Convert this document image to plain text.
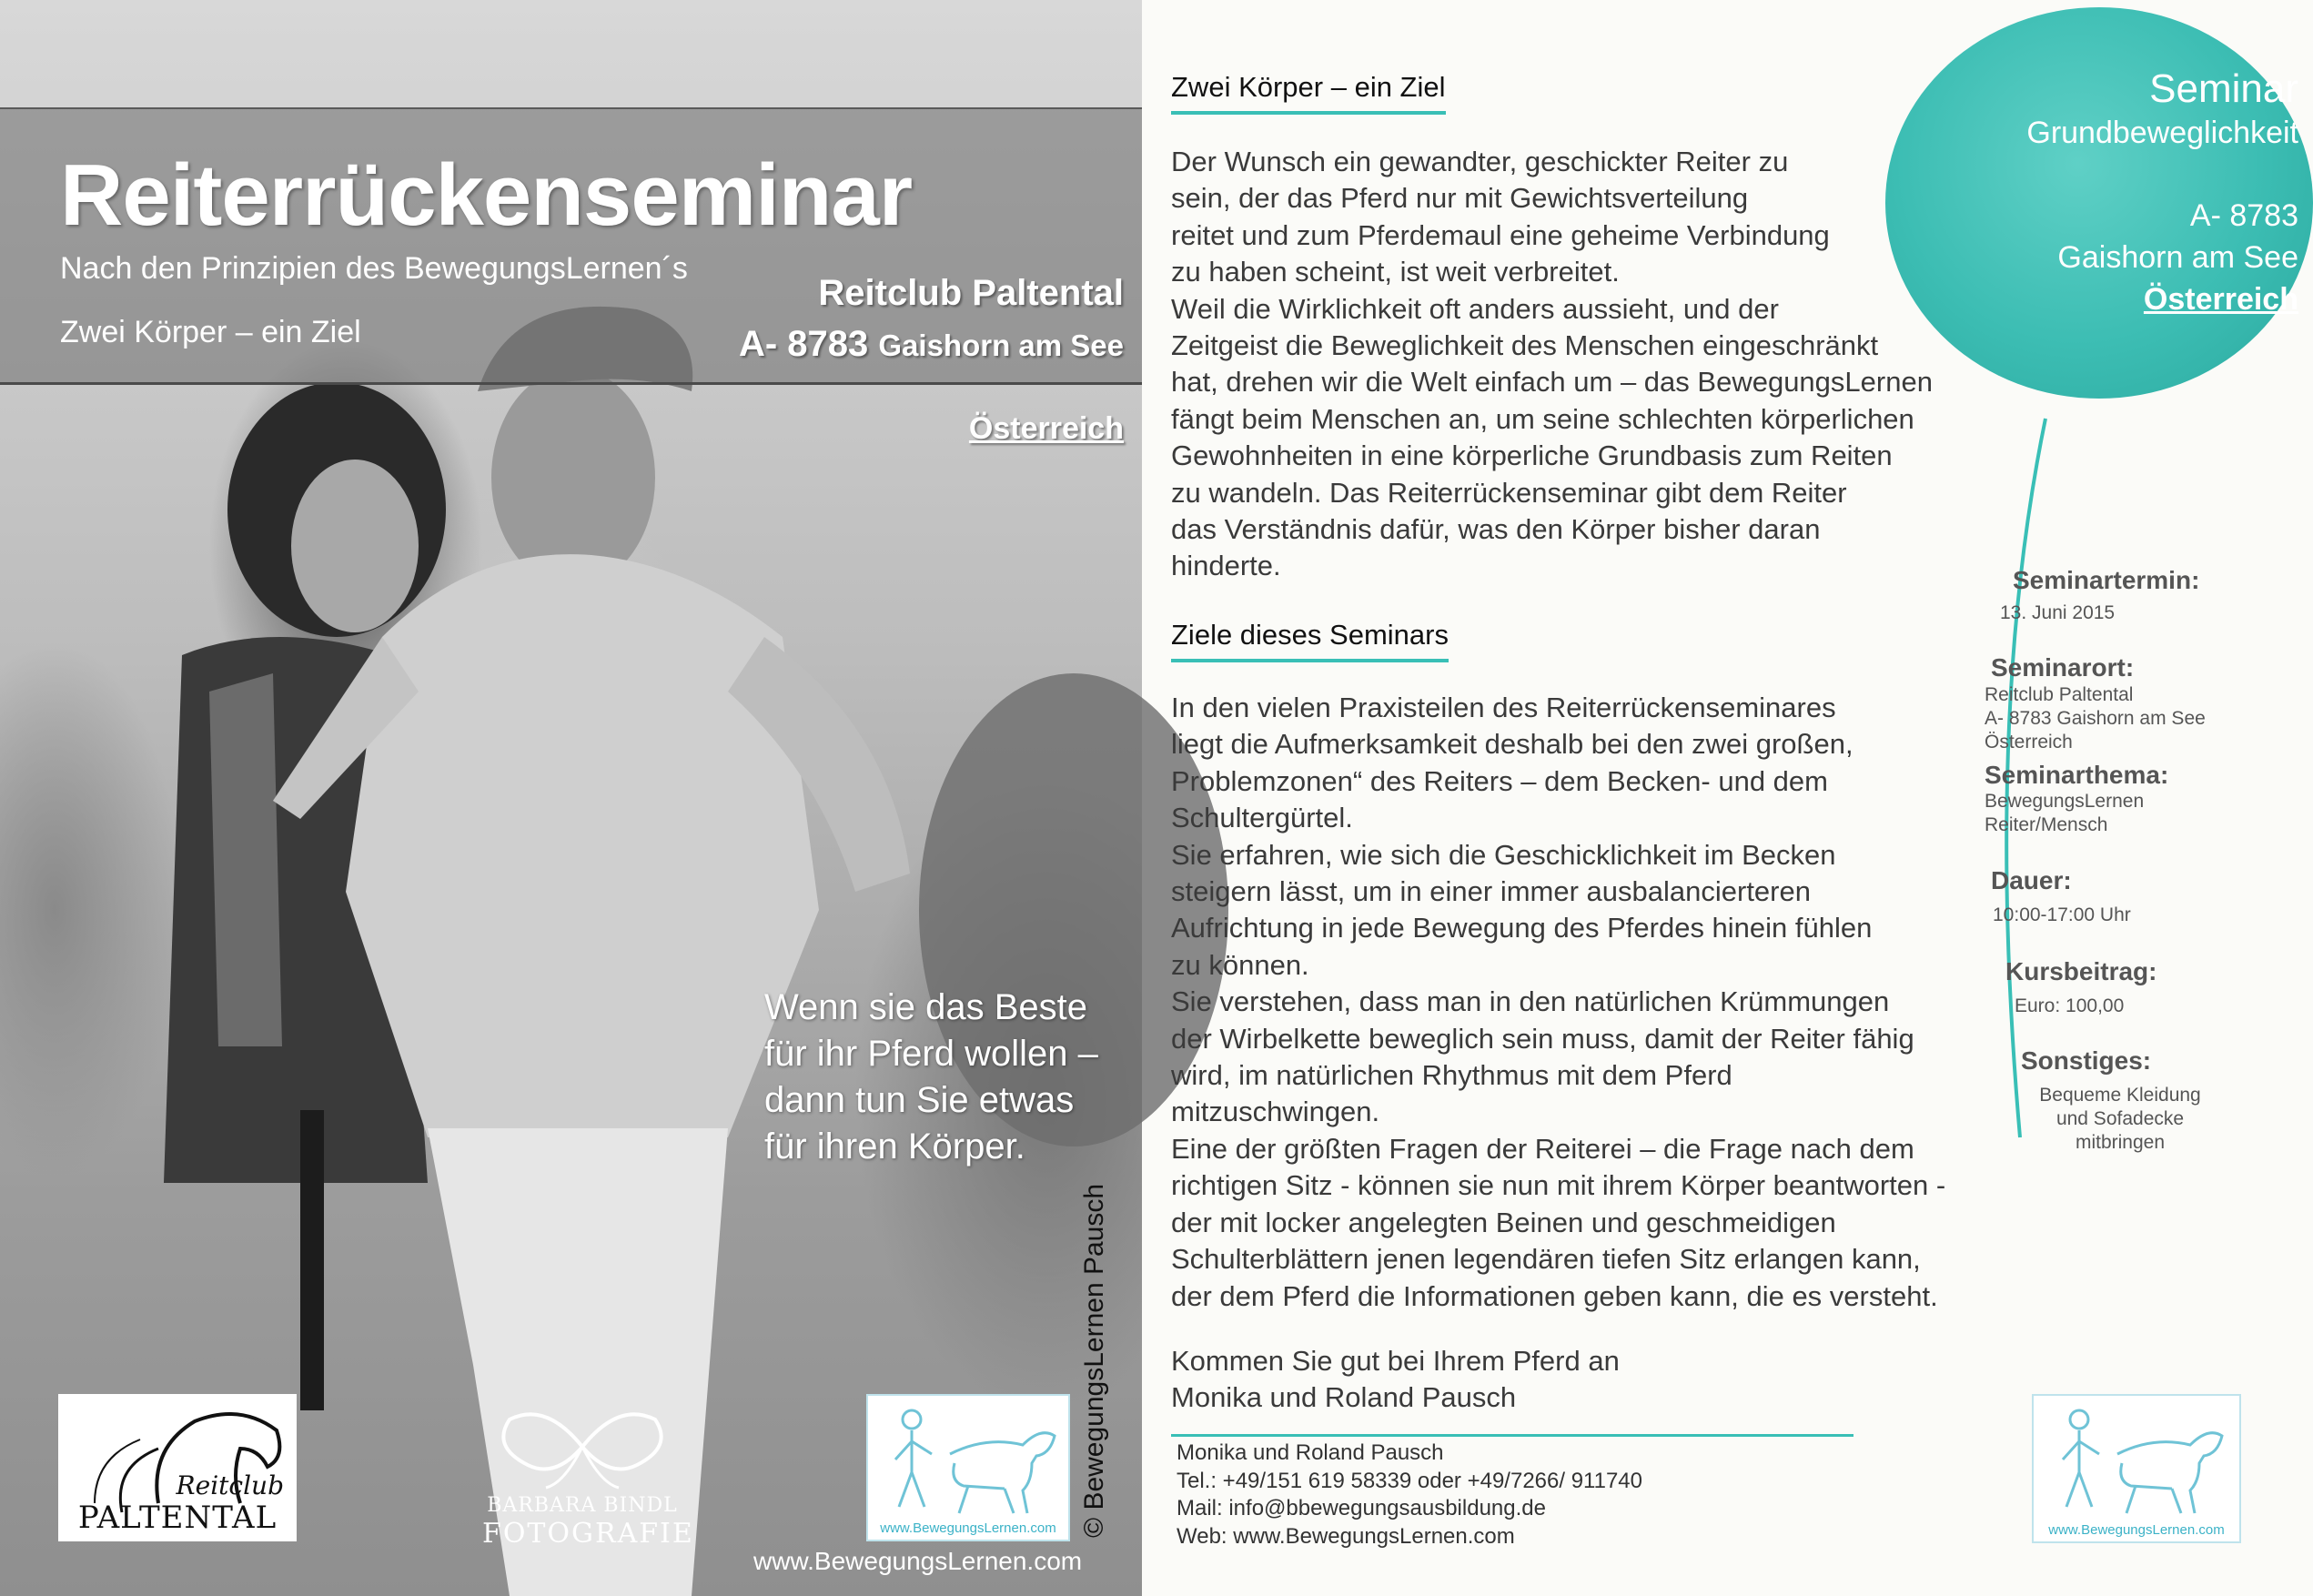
Reiterrückenseminar
Nach den Prinzipien des BewegungsLernen´s
Zwei Körper – ein Ziel
Reitclub Paltental
A- 8783 Gaishorn am See
Österreich
Wenn sie das Beste
für ihr Pferd wollen –
dann tun Sie etwas
für ihren Körper.
© BewegungsLernen Pausch
Reitclub
PALTENTAL	BARBARA BINDL
FOTOGRAFIE	www.BewegungsLernen.com
www.BewegungsLernen.com
Zwei Körper – ein Ziel
Der Wunsch ein gewandter, geschickter Reiter zu
sein, der das Pferd nur mit Gewichtsverteilung
reitet und zum Pferdemaul eine geheime Verbindung
zu haben scheint, ist weit verbreitet.
Weil die Wirklichkeit oft anders aussieht, und der
Zeitgeist die Beweglichkeit des Menschen eingeschränkt
hat, drehen wir die Welt einfach um – das BewegungsLernen
fängt beim Menschen an, um seine schlechten körperlichen
Gewohnheiten in eine körperliche Grundbasis zum Reiten
zu wandeln. Das Reiterrückenseminar gibt dem Reiter
das Verständnis dafür, was den Körper bisher daran
hinderte.
Ziele dieses Seminars
In den vielen Praxisteilen des Reiterrückenseminares
liegt die Aufmerksamkeit deshalb bei den zwei großen,
Problemzonen“ des Reiters – dem Becken- und dem
Schultergürtel.
Sie erfahren, wie sich die Geschicklichkeit im Becken
steigern lässt, um in einer immer ausbalancierteren
Aufrichtung in jede Bewegung des Pferdes hinein fühlen
zu können.
Sie verstehen, dass man in den natürlichen Krümmungen
der Wirbelkette beweglich sein muss, damit der Reiter fähig
wird, im natürlichen Rhythmus mit dem Pferd
mitzuschwingen.
Eine der größten Fragen der Reiterei – die Frage nach dem
richtigen Sitz - können sie nun mit ihrem Körper beantworten -
der mit locker angelegten Beinen und geschmeidigen
Schulterblättern jenen legendären tiefen Sitz erlangen kann,
der dem Pferd die Informationen geben kann, die es versteht.
Kommen Sie gut bei Ihrem Pferd an
Monika und Roland Pausch
Monika und Roland Pausch
Tel.: +49/151 619 58339 oder +49/7266/ 911740
Mail: info@bbewegungsausbildung.de
Web: www.BewegungsLernen.com
Seminar
Grundbeweglichkeit
A- 8783
Gaishorn am See
Österreich
Seminartermin:
13. Juni 2015
Seminarort:
Reitclub Paltental
A- 8783 Gaishorn am See
Österreich
Seminarthema:
BewegungsLernen
Reiter/Mensch
Dauer:
10:00-17:00 Uhr
Kursbeitrag:
Euro: 100,00
Sonstiges:
Bequeme Kleidung
und Sofadecke
mitbringen
www.BewegungsLernen.com
